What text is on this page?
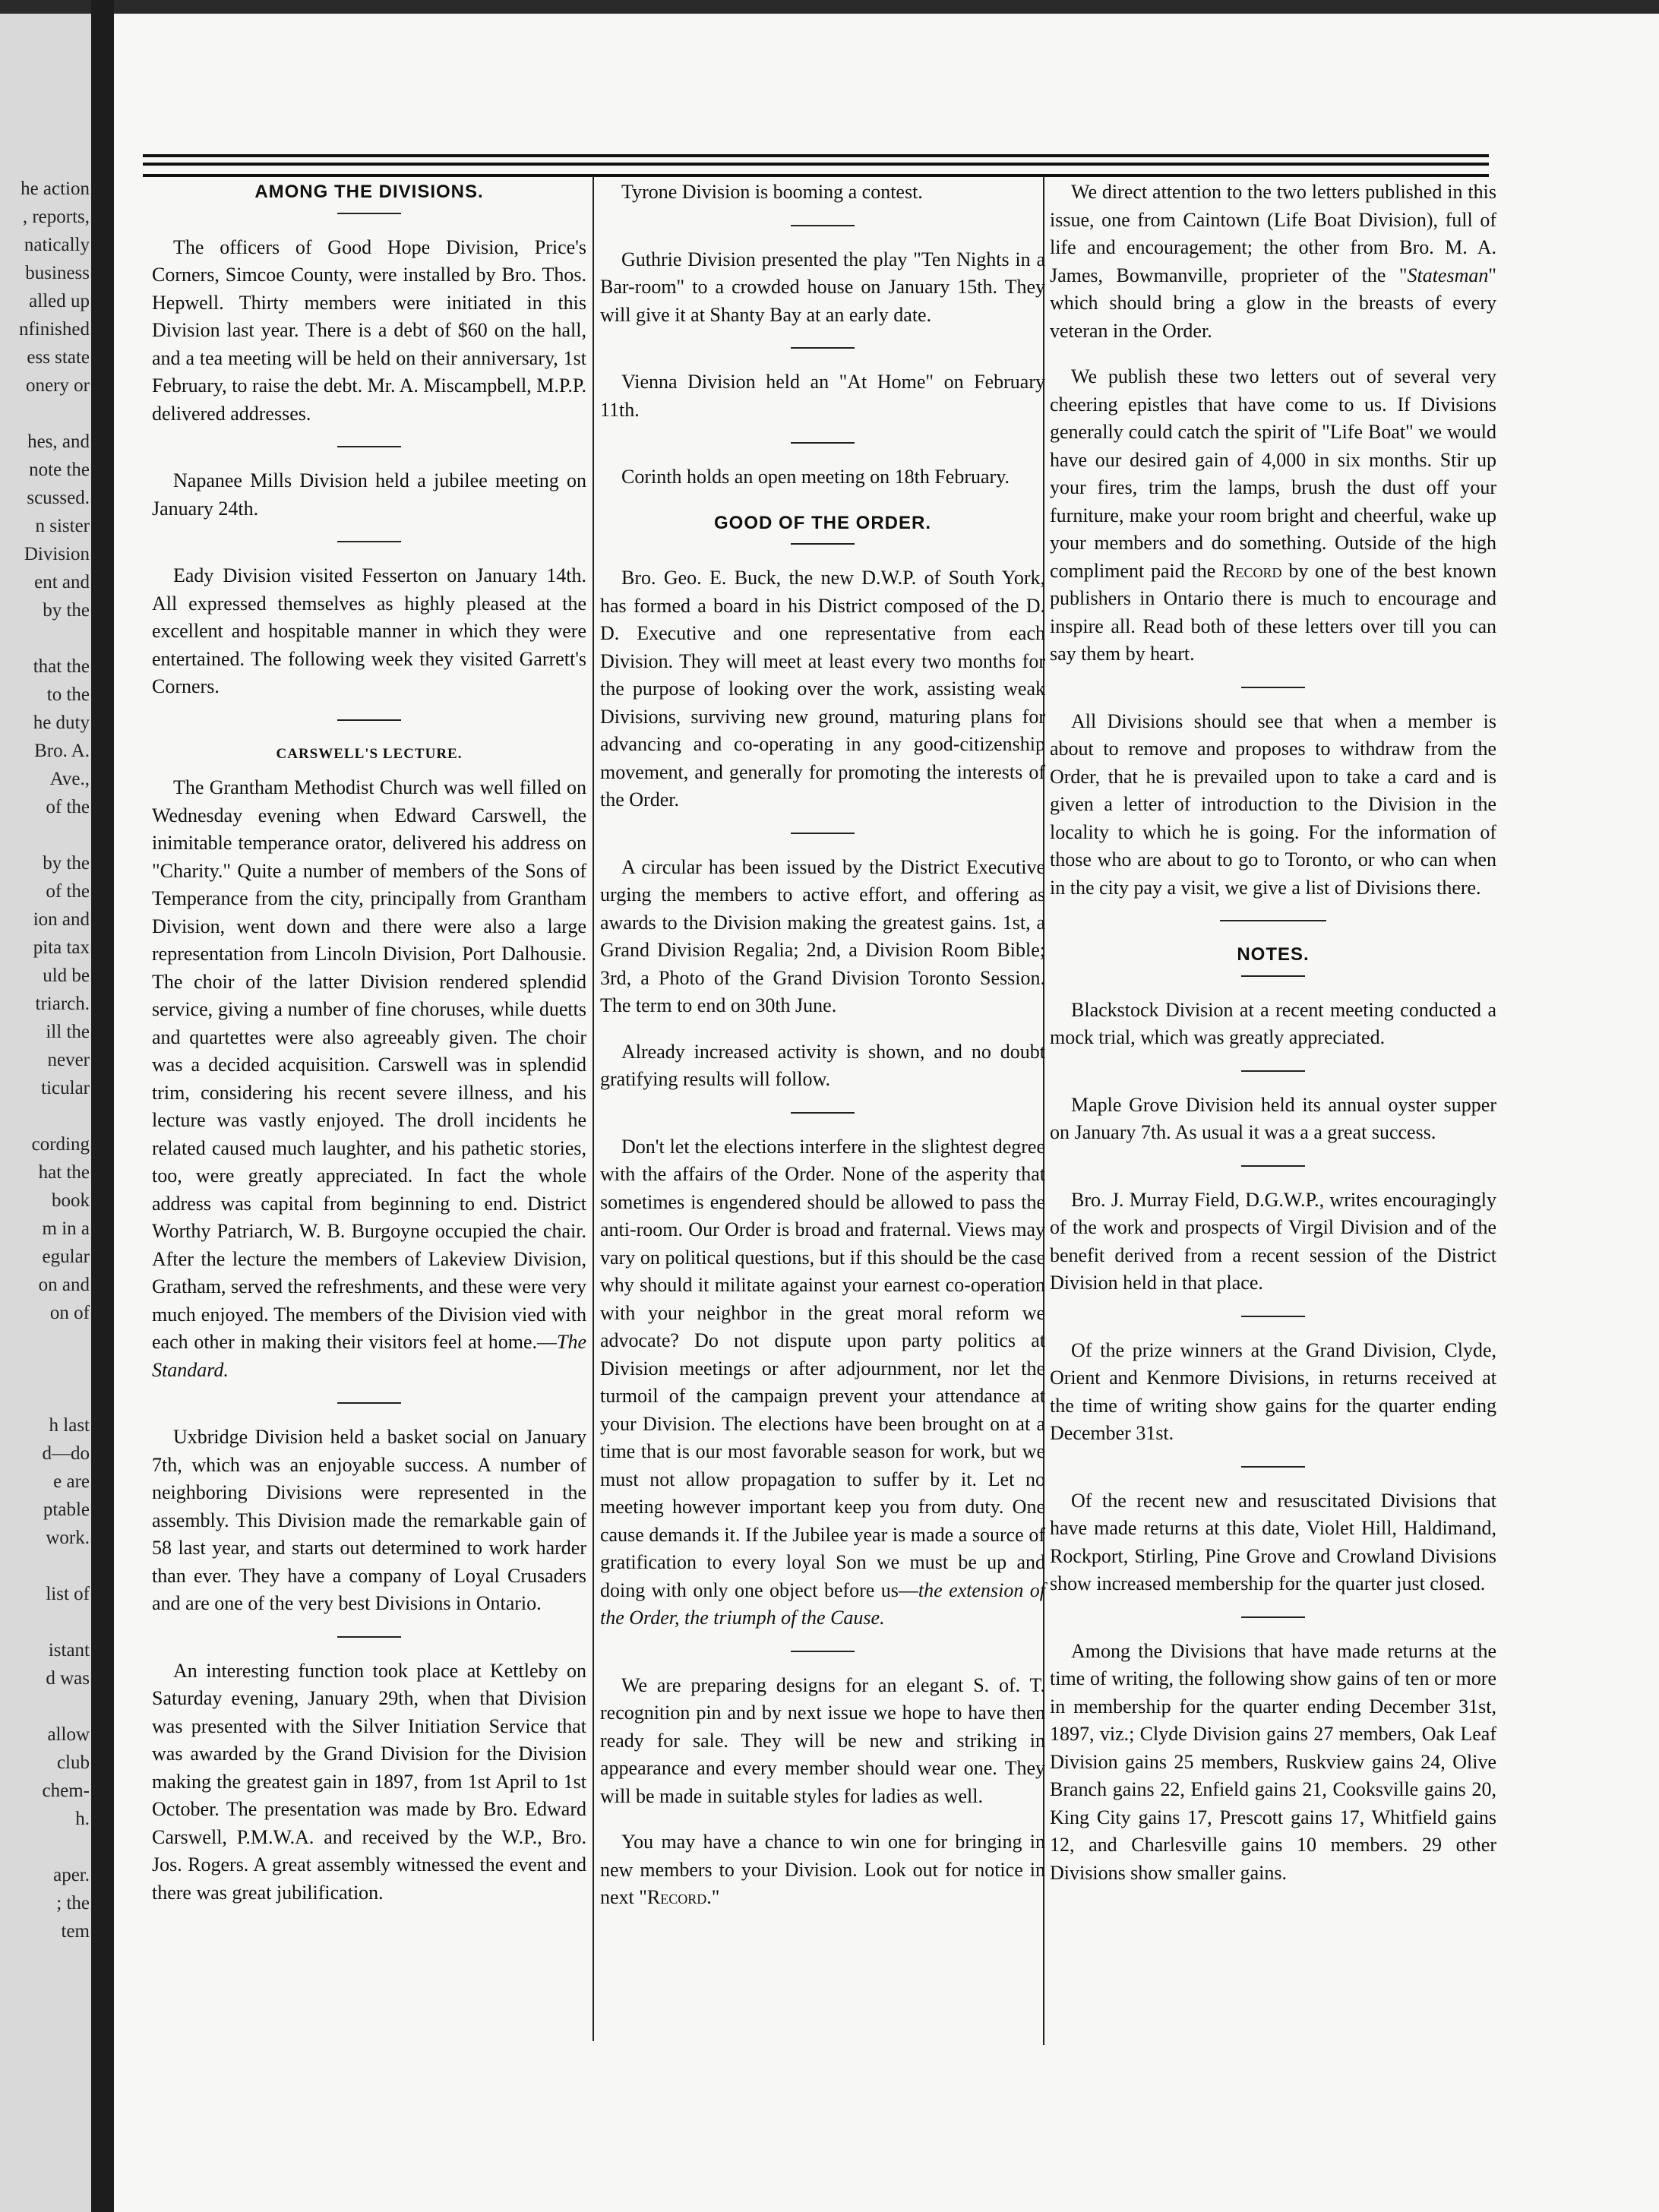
he action
, reports,
natically
business
alled up
nfinished
ess state
onery or
hes, and
note the
scussed.
n sister
Division
ent and
by the
that the
to the
he duty
Bro. A.
Ave.,
of the
by the
of the
ion and
pita tax
uld be
triarch.
ill the
never
ticular
cording
hat the
book
m in a
egular
on and
on of
h last
d—do
e are
ptable
work.
list of
istant
d was
allow
club
chem-
h.
aper.
; the
tem
AMONG THE DIVISIONS.

The officers of Good Hope Division, Price's Corners, Simcoe County, were installed by Bro. Thos. Hepwell. Thirty members were initiated in this Division last year. There is a debt of $60 on the hall, and a tea meeting will be held on their anniversary, 1st February, to raise the debt. Mr. A. Miscampbell, M.P.P. delivered addresses.

Napanee Mills Division held a jubilee meeting on January 24th.

Eady Division visited Fesserton on January 14th. All expressed themselves as highly pleased at the excellent and hospitable manner in which they were entertained. The following week they visited Garrett's Corners.

CARSWELL'S LECTURE.

The Grantham Methodist Church was well filled on Wednesday evening when Edward Carswell, the inimitable temperance orator, delivered his address on "Charity." Quite a number of members of the Sons of Temperance from the city, principally from Grantham Division, went down and there were also a large representation from Lincoln Division, Port Dalhousie. The choir of the latter Division rendered splendid service, giving a number of fine choruses, while duetts and quartettes were also agreeably given. The choir was a decided acquisition. Carswell was in splendid trim, considering his recent severe illness, and his lecture was vastly enjoyed. The droll incidents he related caused much laughter, and his pathetic stories, too, were greatly appreciated. In fact the whole address was capital from beginning to end. District Worthy Patriarch, W. B. Burgoyne occupied the chair. After the lecture the members of Lakeview Division, Gratham, served the refreshments, and these were very much enjoyed. The members of the Division vied with each other in making their visitors feel at home.—The Standard.

Uxbridge Division held a basket social on January 7th, which was an enjoyable success. A number of neighboring Divisions were represented in the assembly. This Division made the remarkable gain of 58 last year, and starts out determined to work harder than ever. They have a company of Loyal Crusaders and are one of the very best Divisions in Ontario.

An interesting function took place at Kettleby on Saturday evening, January 29th, when that Division was presented with the Silver Initiation Service that was awarded by the Grand Division for the Division making the greatest gain in 1897, from 1st April to 1st October. The presentation was made by Bro. Edward Carswell, P.M.W.A. and received by the W.P., Bro. Jos. Rogers. A great assembly witnessed the event and there was great jubilification.

Tyrone Division is booming a contest.

Guthrie Division presented the play "Ten Nights in a Bar-room" to a crowded house on January 15th. They will give it at Shanty Bay at an early date.

Vienna Division held an "At Home" on February 11th.

Corinth holds an open meeting on 18th February.

GOOD OF THE ORDER.

Bro. Geo. E. Buck, the new D.W.P. of South York, has formed a board in his District composed of the D. D. Executive and one representative from each Division. They will meet at least every two months for the purpose of looking over the work, assisting weak Divisions, surviving new ground, maturing plans for advancing and co-operating in any good-citizenship movement, and generally for promoting the interests of the Order.

A circular has been issued by the District Executive urging the members to active effort, and offering as awards to the Division making the greatest gains. 1st, a Grand Division Regalia; 2nd, a Division Room Bible; 3rd, a Photo of the Grand Division Toronto Session. The term to end on 30th June.

Already increased activity is shown, and no doubt gratifying results will follow.

Don't let the elections interfere in the slightest degree with the affairs of the Order. None of the asperity that sometimes is engendered should be allowed to pass the anti-room. Our Order is broad and fraternal. Views may vary on political questions, but if this should be the case why should it militate against your earnest co-operation with your neighbor in the great moral reform we advocate? Do not dispute upon party politics at Division meetings or after adjournment, nor let the turmoil of the campaign prevent your attendance at your Division. The elections have been brought on at a time that is our most favorable season for work, but we must not allow propagation to suffer by it. Let no meeting however important keep you from duty. One cause demands it. If the Jubilee year is made a source of gratification to every loyal Son we must be up and doing with only one object before us—the extension of the Order, the triumph of the Cause.

We are preparing designs for an elegant S. of. T. recognition pin and by next issue we hope to have then ready for sale. They will be new and striking in appearance and every member should wear one. They will be made in suitable styles for ladies as well.

You may have a chance to win one for bringing in new members to your Division. Look out for notice in next "Record."

We direct attention to the two letters published in this issue, one from Caintown (Life Boat Division), full of life and encouragement; the other from Bro. M. A. James, Bowmanville, proprieter of the "Statesman" which should bring a glow in the breasts of every veteran in the Order.

We publish these two letters out of several very cheering epistles that have come to us. If Divisions generally could catch the spirit of "Life Boat" we would have our desired gain of 4,000 in six months. Stir up your fires, trim the lamps, brush the dust off your furniture, make your room bright and cheerful, wake up your members and do something. Outside of the high compliment paid the Record by one of the best known publishers in Ontario there is much to encourage and inspire all. Read both of these letters over till you can say them by heart.

All Divisions should see that when a member is about to remove and proposes to withdraw from the Order, that he is prevailed upon to take a card and is given a letter of introduction to the Division in the locality to which he is going. For the information of those who are about to go to Toronto, or who can when in the city pay a visit, we give a list of Divisions there.

NOTES.

Blackstock Division at a recent meeting conducted a mock trial, which was greatly appreciated.

Maple Grove Division held its annual oyster supper on January 7th. As usual it was a a great success.

Bro. J. Murray Field, D.G.W.P., writes encouragingly of the work and prospects of Virgil Division and of the benefit derived from a recent session of the District Division held in that place.

Of the prize winners at the Grand Division, Clyde, Orient and Kenmore Divisions, in returns received at the time of writing show gains for the quarter ending December 31st.

Of the recent new and resuscitated Divisions that have made returns at this date, Violet Hill, Haldimand, Rockport, Stirling, Pine Grove and Crowland Divisions show increased membership for the quarter just closed.

Among the Divisions that have made returns at the time of writing, the following show gains of ten or more in membership for the quarter ending December 31st, 1897, viz.; Clyde Division gains 27 members, Oak Leaf Division gains 25 members, Ruskview gains 24, Olive Branch gains 22, Enfield gains 21, Cooksville gains 20, King City gains 17, Prescott gains 17, Whitfield gains 12, and Charlesville gains 10 members. 29 other Divisions show smaller gains.
